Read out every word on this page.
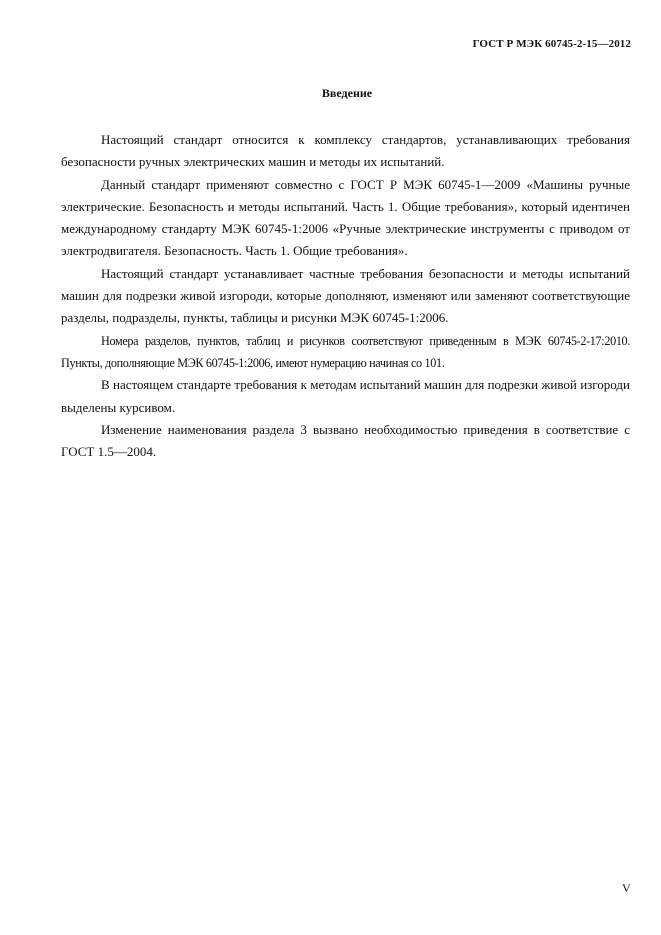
ГОСТ Р МЭК 60745-2-15—2012
Введение

Настоящий стандарт относится к комплексу стандартов, устанавливающих требования безопасности ручных электрических машин и методы их испытаний.

Данный стандарт применяют совместно с ГОСТ Р МЭК 60745-1—2009 «Машины ручные электрические. Безопасность и методы испытаний. Часть 1. Общие требования», который идентичен международному стандарту МЭК 60745-1:2006 «Ручные электрические инструменты с приводом от электродвигателя. Безопасность. Часть 1. Общие требования».

Настоящий стандарт устанавливает частные требования безопасности и методы испытаний машин для подрезки живой изгороди, которые дополняют, изменяют или заменяют соответствующие разделы, подразделы, пункты, таблицы и рисунки МЭК 60745-1:2006.

Номера разделов, пунктов, таблиц и рисунков соответствуют приведенным в МЭК 60745-2-17:2010. Пункты, дополняющие МЭК 60745-1:2006, имеют нумерацию начиная со 101.

В настоящем стандарте требования к методам испытаний машин для подрезки живой изгороди выделены курсивом.

Изменение наименования раздела 3 вызвано необходимостью приведения в соответствие с ГОСТ 1.5—2004.

V
